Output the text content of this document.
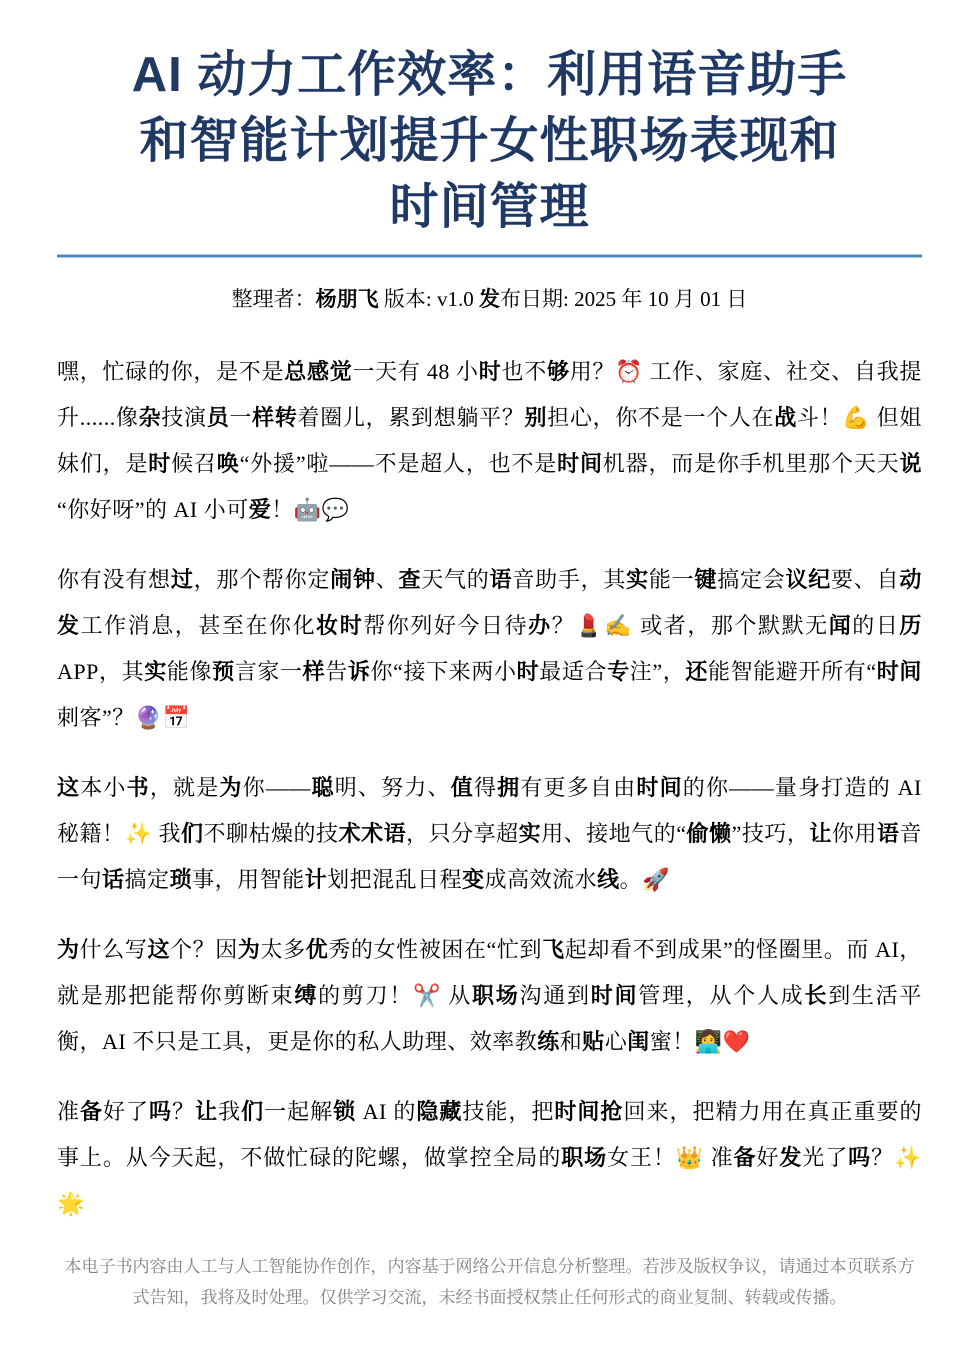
AI 动力工作效率：利用语音助手和智能计划提升女性职场表现和时间管理

整理者：杨朋飞 版本: v1.0 发布日期: 2025 年 10 月 01 日

嘿，忙碌的你，是不是总感觉一天有 48 小时也不够用？⏰ 工作、家庭、社交、自我提升......像杂技演员一样转着圈儿，累到想躺平？别担心，你不是一个人在战斗！💪 但姐妹们，是时候召唤“外援”啦——不是超人，也不是时间机器，而是你手机里那个天天说“你好呀”的 AI 小可爱！🤖💬

你有没有想过，那个帮你定闹钟、查天气的语音助手，其实能一键搞定会议纪要、自动发工作消息，甚至在你化妆时帮你列好今日待办？💄✍️ 或者，那个默默无闻的日历 APP，其实能像预言家一样告诉你“接下来两小时最适合专注”，还能智能避开所有“时间刺客”？🔮📅

这本小书，就是为你——聪明、努力、值得拥有更多自由时间的你——量身打造的 AI 秘籍！✨ 我们不聊枯燥的技术术语，只分享超实用、接地气的“偷懒”技巧，让你用语音一句话搞定琐事，用智能计划把混乱日程变成高效流水线。🚀

为什么写这个？因为太多优秀的女性被困在“忙到飞起却看不到成果”的怪圈里。而 AI，就是那把能帮你剪断束缚的剪刀！✂️ 从职场沟通到时间管理，从个人成长到生活平衡，AI 不只是工具，更是你的私人助理、效率教练和贴心闺蜜！👩‍💻❤️

准备好了吗？让我们一起解锁 AI 的隐藏技能，把时间抢回来，把精力用在真正重要的事上。从今天起，不做忙碌的陀螺，做掌控全局的职场女王！👑 准备好发光了吗？✨🌟

本电子书内容由人工与人工智能协作创作，内容基于网络公开信息分析整理。若涉及版权争议，请通过本页联系方式告知，我将及时处理。仅供学习交流，未经书面授权禁止任何形式的商业复制、转载或传播。
